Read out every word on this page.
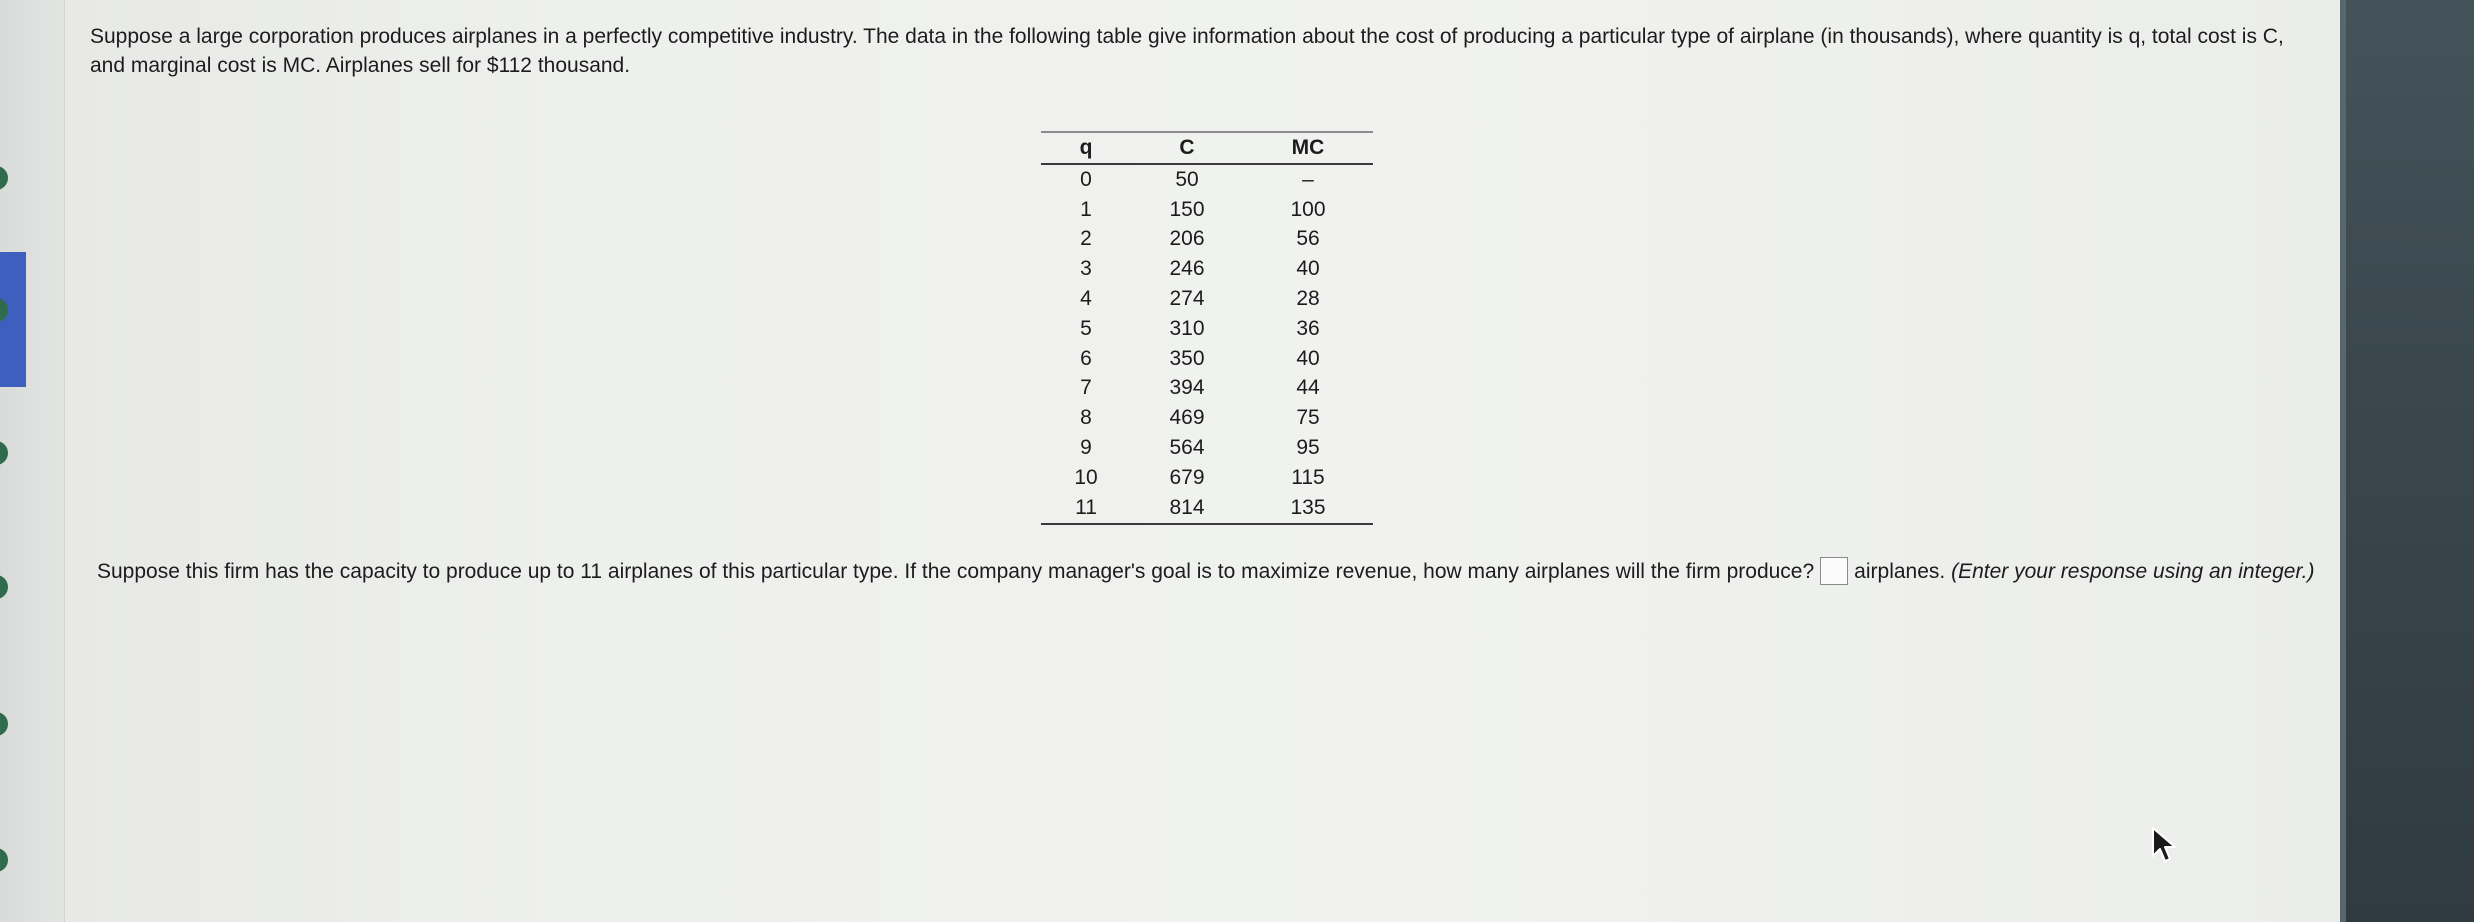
Suppose a large corporation produces airplanes in a perfectly competitive industry. The data in the following table give information about the cost of producing a particular type of airplane (in thousands), where quantity is q, total cost is C, and marginal cost is MC. Airplanes sell for $112 thousand.

q	C	MC
0	50	–
1	150	100
2	206	56
3	246	40
4	274	28
5	310	36
6	350	40
7	394	44
8	469	75
9	564	95
10	679	115
11	814	135

Suppose this firm has the capacity to produce up to 11 airplanes of this particular type. If the company manager's goal is to maximize revenue, how many airplanes will the firm produce? airplanes. (Enter your response using an integer.)
